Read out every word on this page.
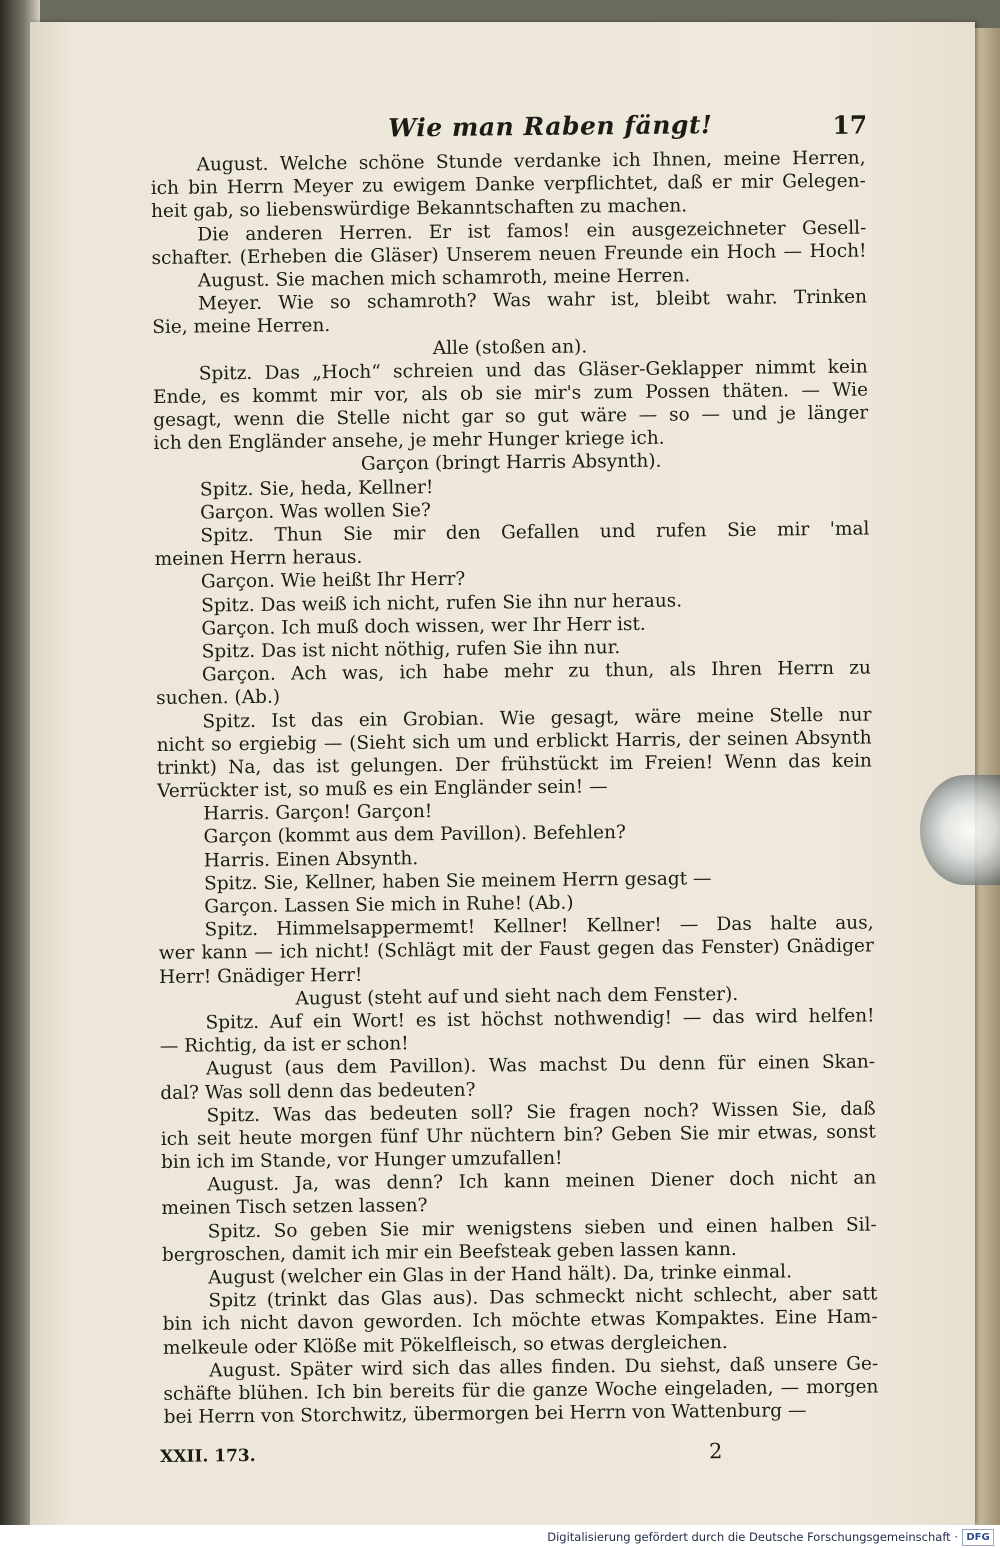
Wie man Raben fängt!	17
August. Welche schöne Stunde verdanke ich Ihnen, meine Herren,
ich bin Herrn Meyer zu ewigem Danke verpflichtet, daß er mir Gelegen-
heit gab, so liebenswürdige Bekanntschaften zu machen.
Die anderen Herren. Er ist famos! ein ausgezeichneter Gesell-
schafter. (Erheben die Gläser) Unserem neuen Freunde ein Hoch — Hoch!
August. Sie machen mich schamroth, meine Herren.
Meyer. Wie so schamroth? Was wahr ist, bleibt wahr. Trinken
Sie, meine Herren.
Alle (stoßen an).
Spitz. Das „Hoch“ schreien und das Gläser-Geklapper nimmt kein
Ende, es kommt mir vor, als ob sie mir's zum Possen thäten. — Wie
gesagt, wenn die Stelle nicht gar so gut wäre — so — und je länger
ich den Engländer ansehe, je mehr Hunger kriege ich.
Garçon (bringt Harris Absynth).
Spitz. Sie, heda, Kellner!
Garçon. Was wollen Sie?
Spitz. Thun Sie mir den Gefallen und rufen Sie mir 'mal
meinen Herrn heraus.
Garçon. Wie heißt Ihr Herr?
Spitz. Das weiß ich nicht, rufen Sie ihn nur heraus.
Garçon. Ich muß doch wissen, wer Ihr Herr ist.
Spitz. Das ist nicht nöthig, rufen Sie ihn nur.
Garçon. Ach was, ich habe mehr zu thun, als Ihren Herrn zu
suchen. (Ab.)
Spitz. Ist das ein Grobian. Wie gesagt, wäre meine Stelle nur
nicht so ergiebig — (Sieht sich um und erblickt Harris, der seinen Absynth
trinkt) Na, das ist gelungen. Der frühstückt im Freien! Wenn das kein
Verrückter ist, so muß es ein Engländer sein! —
Harris. Garçon! Garçon!
Garçon (kommt aus dem Pavillon). Befehlen?
Harris. Einen Absynth.
Spitz. Sie, Kellner, haben Sie meinem Herrn gesagt —
Garçon. Lassen Sie mich in Ruhe! (Ab.)
Spitz. Himmelsappermemt! Kellner! Kellner! — Das halte aus,
wer kann — ich nicht! (Schlägt mit der Faust gegen das Fenster) Gnädiger
Herr! Gnädiger Herr!
August (steht auf und sieht nach dem Fenster).
Spitz. Auf ein Wort! es ist höchst nothwendig! — das wird helfen!
— Richtig, da ist er schon!
August (aus dem Pavillon). Was machst Du denn für einen Skan-
dal? Was soll denn das bedeuten?
Spitz. Was das bedeuten soll? Sie fragen noch? Wissen Sie, daß
ich seit heute morgen fünf Uhr nüchtern bin? Geben Sie mir etwas, sonst
bin ich im Stande, vor Hunger umzufallen!
August. Ja, was denn? Ich kann meinen Diener doch nicht an
meinen Tisch setzen lassen?
Spitz. So geben Sie mir wenigstens sieben und einen halben Sil-
bergroschen, damit ich mir ein Beefsteak geben lassen kann.
August (welcher ein Glas in der Hand hält). Da, trinke einmal.
Spitz (trinkt das Glas aus). Das schmeckt nicht schlecht, aber satt
bin ich nicht davon geworden. Ich möchte etwas Kompaktes. Eine Ham-
melkeule oder Klöße mit Pökelfleisch, so etwas dergleichen.
August. Später wird sich das alles finden. Du siehst, daß unsere Ge-
schäfte blühen. Ich bin bereits für die ganze Woche eingeladen, — morgen
bei Herrn von Storchwitz, übermorgen bei Herrn von Wattenburg —
XXII. 173.	2
Digitalisierung gefördert durch die Deutsche Forschungsgemeinschaft · DFG
